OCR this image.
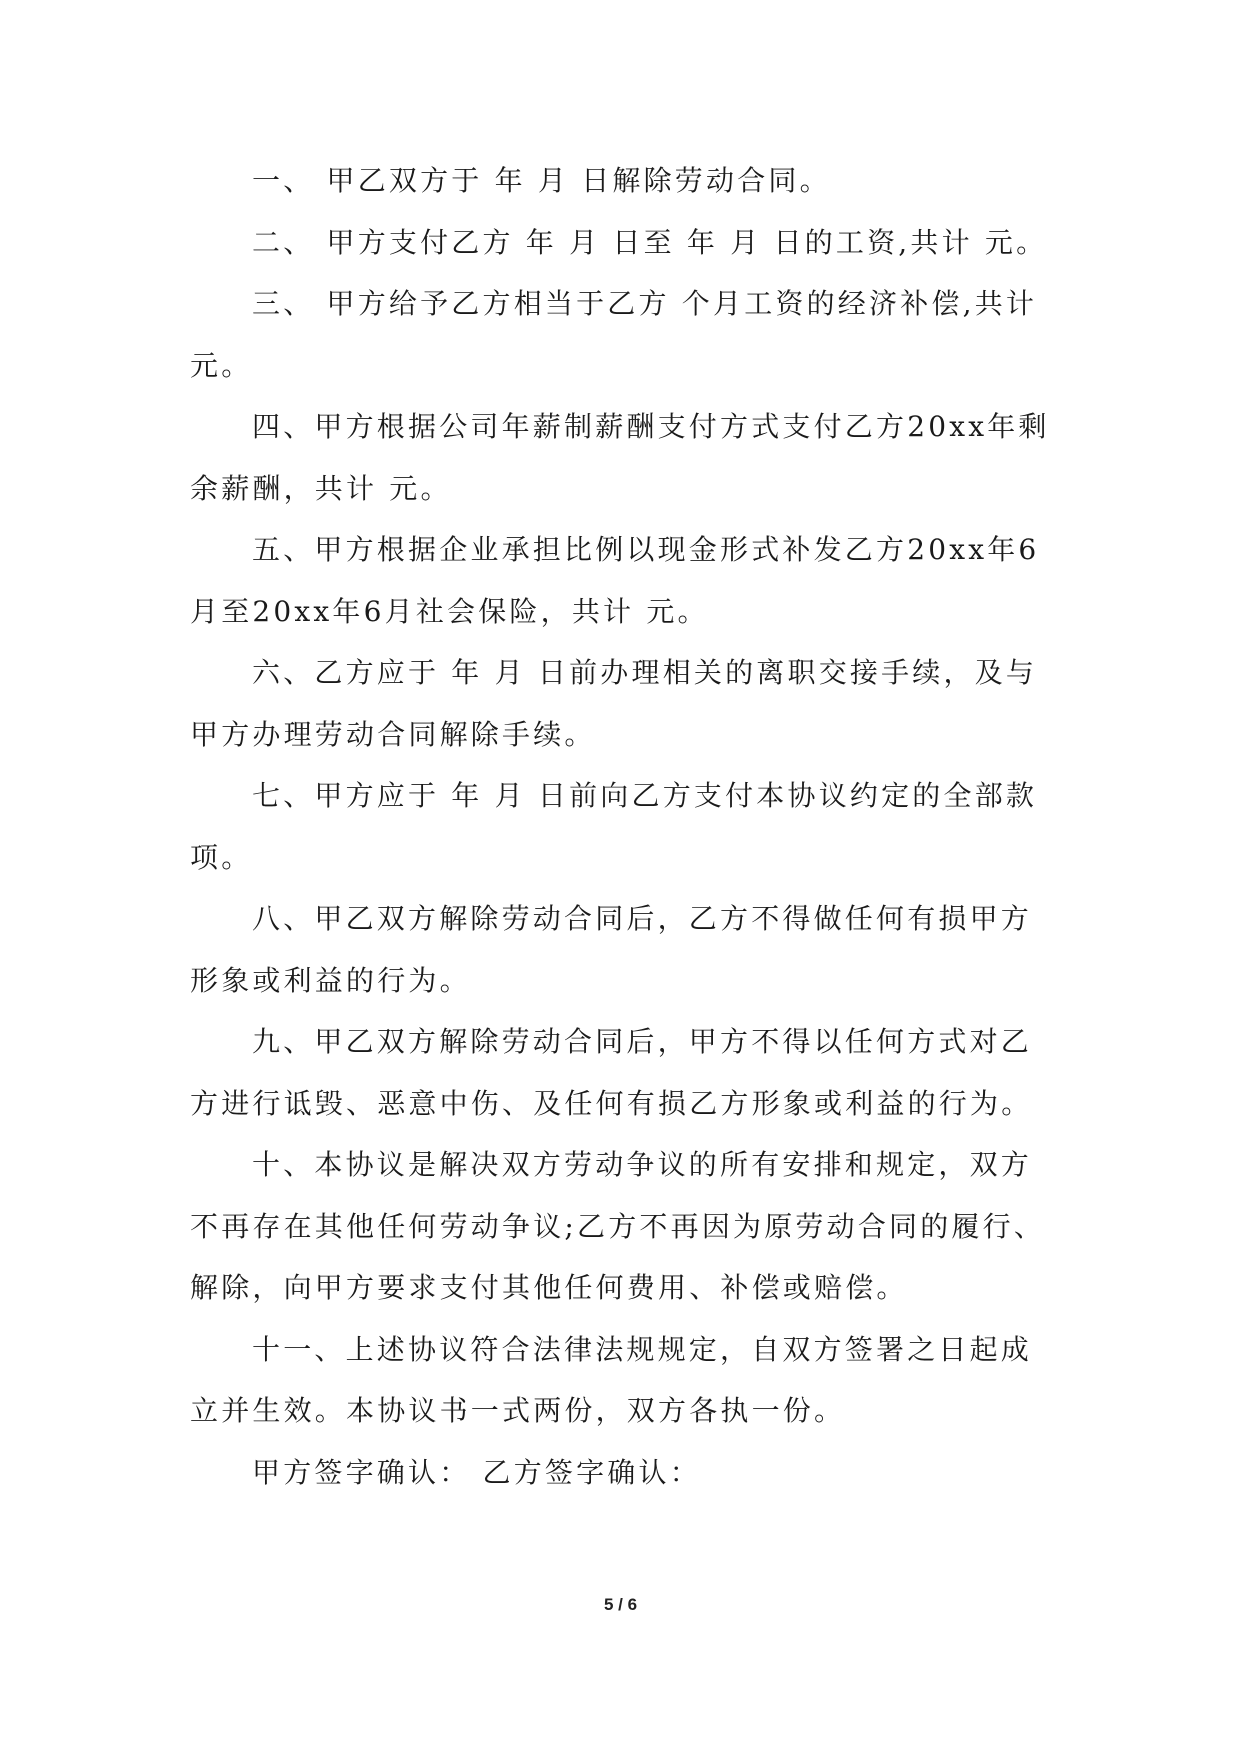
一、 甲乙双方于 年 月 日解除劳动合同。

二、 甲方支付乙方 年 月 日至 年 月 日的工资,共计 元。

三、 甲方给予乙方相当于乙方 个月工资的经济补偿,共计 元。

四、甲方根据公司年薪制薪酬支付方式支付乙方20xx年剩余薪酬，共计 元。

五、甲方根据企业承担比例以现金形式补发乙方20xx年6月至20xx年6月社会保险，共计 元。

六、乙方应于 年 月 日前办理相关的离职交接手续，及与甲方办理劳动合同解除手续。

七、甲方应于 年 月 日前向乙方支付本协议约定的全部款项。

八、甲乙双方解除劳动合同后，乙方不得做任何有损甲方形象或利益的行为。

九、甲乙双方解除劳动合同后，甲方不得以任何方式对乙方进行诋毁、恶意中伤、及任何有损乙方形象或利益的行为。

十、本协议是解决双方劳动争议的所有安排和规定，双方不再存在其他任何劳动争议;乙方不再因为原劳动合同的履行、解除，向甲方要求支付其他任何费用、补偿或赔偿。

十一、上述协议符合法律法规规定，自双方签署之日起成立并生效。本协议书一式两份，双方各执一份。

甲方签字确认： 乙方签字确认：

5 / 6
